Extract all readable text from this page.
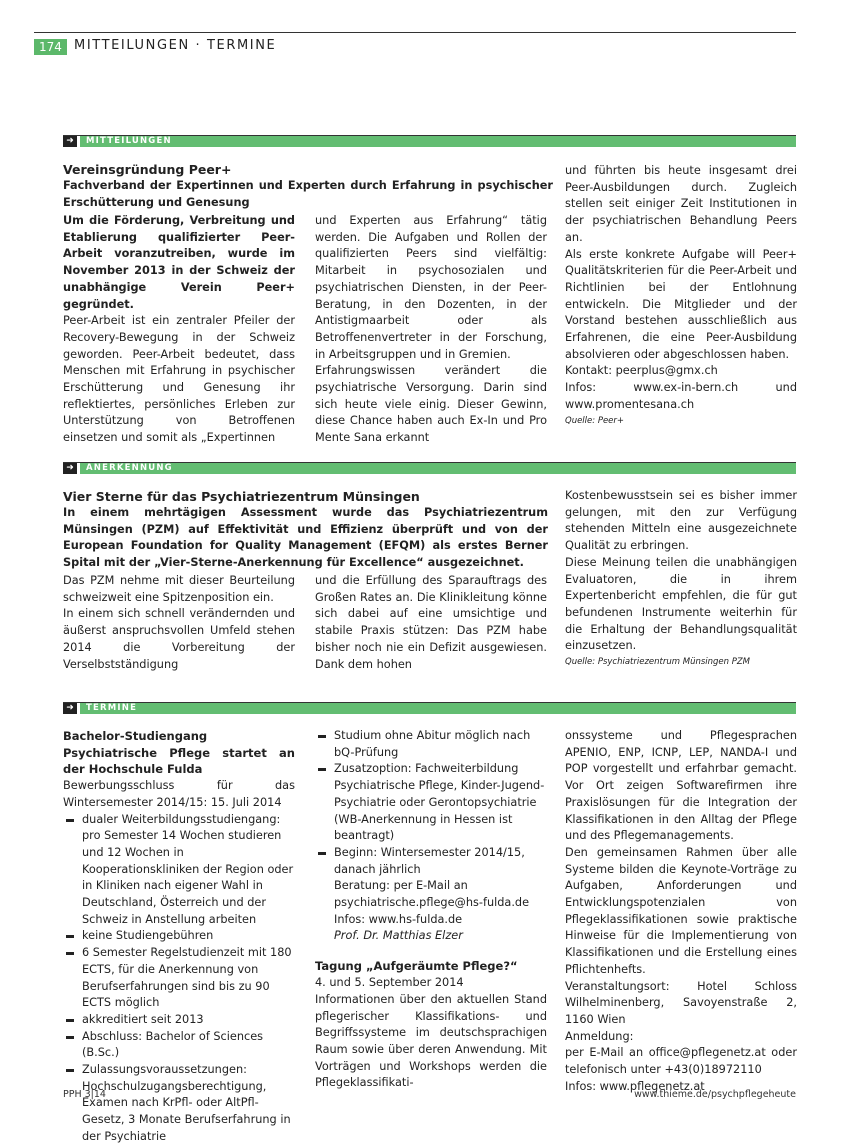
174 MITTEILUNGEN · TERMINE
➜	MITTEILUNGEN

Vereinsgründung Peer+

Fachverband der Expertinnen und Experten durch Erfahrung in psychischer Erschütterung und Genesung

Um die Förderung, Verbreitung und Etablierung qualifizierter Peer-Arbeit voranzutreiben, wurde im November 2013 in der Schweiz der unabhängige Verein Peer+ gegründet.

Peer-Arbeit ist ein zentraler Pfeiler der Recovery-Bewegung in der Schweiz geworden. Peer-Arbeit bedeutet, dass Menschen mit Erfahrung in psychischer Erschütterung und Genesung ihr reflektiertes, persönliches Erleben zur Unterstützung von Betroffenen einsetzen und somit als „Expertinnen

und Experten aus Erfahrung“ tätig werden. Die Aufgaben und Rollen der qualifizierten Peers sind vielfältig: Mitarbeit in psychosozialen und psychiatrischen Diensten, in der Peer-Beratung, in den Dozenten, in der Antistigmaarbeit oder als Betroffenenvertreter in der Forschung, in Arbeitsgruppen und in Gremien.

Erfahrungswissen verändert die psychiatrische Versorgung. Darin sind sich heute viele einig. Dieser Gewinn, diese Chance haben auch Ex-In und Pro Mente Sana erkannt

und führten bis heute insgesamt drei Peer-Ausbildungen durch. Zugleich stellen seit einiger Zeit Institutionen in der psychiatrischen Behandlung Peers an.

Als erste konkrete Aufgabe will Peer+ Qualitätskriterien für die Peer-Arbeit und Richtlinien bei der Entlohnung entwickeln. Die Mitglieder und der Vorstand bestehen ausschließlich aus Erfahrenen, die eine Peer-Ausbildung absolvieren oder abgeschlossen haben.

Kontakt: peerplus@gmx.ch

Infos: www.ex-in-bern.ch und www.promentesana.ch

Quelle: Peer+

➜	ANERKENNUNG

Vier Sterne für das Psychiatriezentrum Münsingen

In einem mehrtägigen Assessment wurde das Psychiatriezentrum Münsingen (PZM) auf Effektivität und Effizienz überprüft und von der European Foundation for Quality Management (EFQM) als erstes Berner Spital mit der „Vier-Sterne-Anerkennung für Excellence“ ausgezeichnet.

Das PZM nehme mit dieser Beurteilung schweizweit eine Spitzenposition ein.

In einem sich schnell verändernden und äußerst anspruchsvollen Umfeld stehen 2014 die Vorbereitung der Verselbstständigung

und die Erfüllung des Sparauftrags des Großen Rates an. Die Klinikleitung könne sich dabei auf eine umsichtige und stabile Praxis stützen: Das PZM habe bisher noch nie ein Defizit ausgewiesen. Dank dem hohen

Kostenbewusstsein sei es bisher immer gelungen, mit den zur Verfügung stehenden Mitteln eine ausgezeichnete Qualität zu erbringen.

Diese Meinung teilen die unabhängigen Evaluatoren, die in ihrem Expertenbericht empfehlen, die für gut befundenen Instrumente weiterhin für die Erhaltung der Behandlungsqualität einzusetzen.

Quelle: Psychiatriezentrum Münsingen PZM

➜	TERMINE

Bachelor-Studiengang Psychiatrische Pflege startet an der Hochschule Fulda

Bewerbungsschluss für das Wintersemester 2014/15: 15. Juli 2014

dualer Weiterbildungsstudiengang: pro Semester 14 Wochen studieren und 12 Wochen in Kooperationskliniken der Region oder in Kliniken nach eigener Wahl in Deutschland, Österreich und der Schweiz in Anstellung arbeiten
keine Studiengebühren
6 Semester Regelstudienzeit mit 180 ECTS, für die Anerkennung von Berufserfahrungen sind bis zu 90 ECTS möglich
akkreditiert seit 2013
Abschluss: Bachelor of Sciences (B.Sc.)
Zulassungsvoraussetzungen: Hochschulzugangsberechtigung, Examen nach KrPfl- oder AltPfl-Gesetz, 3 Monate Berufserfahrung in der Psychiatrie
Studium ohne Abitur möglich nach bQ-Prüfung
Zusatzoption: Fachweiterbildung Psychiatrische Pflege, Kinder-Jugend-Psychiatrie oder Gerontopsychiatrie (WB-Anerkennung in Hessen ist beantragt)
Beginn: Wintersemester 2014/15, danach jährlich
Beratung: per E-Mail an
psychiatrische.pflege@hs-fulda.de
Infos: www.hs-fulda.de
Prof. Dr. Matthias Elzer

Tagung „Aufgeräumte Pflege?“

4. und 5. September 2014

Informationen über den aktuellen Stand pflegerischer Klassifikations- und Begriffssysteme im deutschsprachigen Raum sowie über deren Anwendung. Mit Vorträgen und Workshops werden die Pflegeklassifikati-

onssysteme und Pflegesprachen APENIO, ENP, ICNP, LEP, NANDA-I und POP vorgestellt und erfahrbar gemacht. Vor Ort zeigen Softwarefirmen ihre Praxislösungen für die Integration der Klassifikationen in den Alltag der Pflege und des Pflegemanagements.

Den gemeinsamen Rahmen über alle Systeme bilden die Keynote-Vorträge zu Aufgaben, Anforderungen und Entwicklungspotenzialen von Pflegeklassifikationen sowie praktische Hinweise für die Implementierung von Klassifikationen und die Erstellung eines Pflichtenhefts.

Veranstaltungsort: Hotel Schloss Wilhelminenberg, Savoyenstraße 2, 1160 Wien

Anmeldung:

per E-Mail an office@pflegenetz.at oder telefonisch unter +43(0)18972110

Infos: www.pflegenetz.at

PPH 3|14	www.thieme.de/psychpflegeheute
